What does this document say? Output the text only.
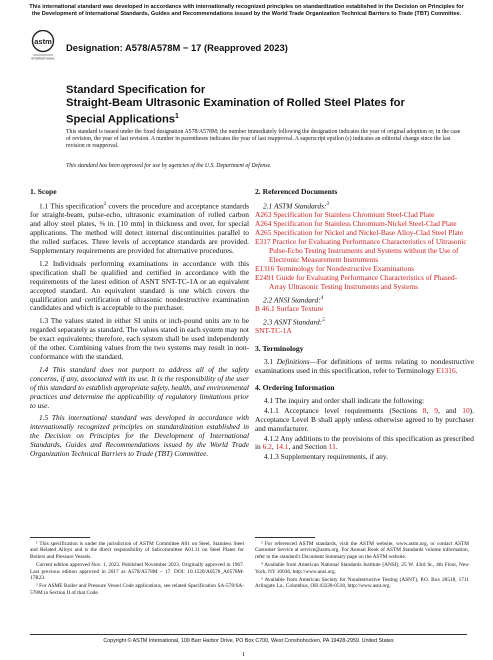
This international standard was developed in accordance with internationally recognized principles on standardization established in the Decision on Principles for the Development of International Standards, Guides and Recommendations issued by the World Trade Organization Technical Barriers to Trade (TBT) Committee.
astm
INTERNATIONAL
Designation: A578/A578M − 17 (Reapproved 2023)
Standard Specification for
Straight-Beam Ultrasonic Examination of Rolled Steel Plates for Special Applications$^1$
This standard is issued under the fixed designation A578/A578M; the number immediately following the designation indicates the year of original adoption or, in the case of revision, the year of last revision. A number in parentheses indicates the year of last reapproval. A superscript epsilon (ε) indicates an editorial change since the last revision or reapproval.
This standard has been approved for use by agencies of the U.S. Department of Defense.
1. Scope

1.1 This specification$^2$ covers the procedure and acceptance standards for straight-beam, pulse-echo, ultrasonic examination of rolled carbon and alloy steel plates, ⅜ in. [10 mm] in thickness and over, for special applications. The method will detect internal discontinuities parallel to the rolled surfaces. Three levels of acceptance standards are provided. Supplementary requirements are provided for alternative procedures.

1.2 Individuals performing examinations in accordance with this specification shall be qualified and certified in accordance with the requirements of the latest edition of ASNT SNT-TC-1A or an equivalent accepted standard. An equivalent standard is one which covers the qualification and certification of ultrasonic nondestructive examination candidates and which is acceptable to the purchaser.

1.3 The values stated in either SI units or inch-pound units are to be regarded separately as standard. The values stated in each system may not be exact equivalents; therefore, each system shall be used independently of the other. Combining values from the two systems may result in non-conformance with the standard.

1.4 This standard does not purport to address all of the safety concerns, if any, associated with its use. It is the responsibility of the user of this standard to establish appropriate safety, health, and environmental practices and determine the applicability of regulatory limitations prior to use.

1.5 This international standard was developed in accordance with internationally recognized principles on standardization established in the Decision on Principles for the Development of International Standards, Guides and Recommendations issued by the World Trade Organization Technical Barriers to Trade (TBT) Committee.

2. Referenced Documents
2.1 ASTM Standards:$^3$
A263 Specification for Stainless Chromium Steel-Clad Plate
A264 Specification for Stainless Chromium-Nickel Steel-Clad Plate
A265 Specification for Nickel and Nickel-Base Alloy-Clad Steel Plate
E317 Practice for Evaluating Performance Characteristics of Ultrasonic Pulse-Echo Testing Instruments and Systems without the Use of Electronic Measurement Instruments
E1316 Terminology for Nondestructive Examinations
E2491 Guide for Evaluating Performance Characteristics of Phased-Array Ultrasonic Testing Instruments and Systems
2.2 ANSI Standard:$^4$
B 46.1 Surface Texture
2.3 ASNT Standard:$^5$
SNT-TC-1A
3. Terminology

3.1 Definitions—For definitions of terms relating to nondestructive examinations used in this specification, refer to Terminology E1316.

4. Ordering Information

4.1 The inquiry and order shall indicate the following:

4.1.1 Acceptance level requirements (Sections 8, 9, and 10). Acceptance Level B shall apply unless otherwise agreed to by purchaser and manufacturer.

4.1.2 Any additions to the provisions of this specification as prescribed in 6.2, 14.1, and Section 11.

4.1.3 Supplementary requirements, if any.

¹ This specification is under the jurisdiction of ASTM Committee A01 on Steel, Stainless Steel and Related Alloys and is the direct responsibility of Subcommittee A01.11 on Steel Plates for Boilers and Pressure Vessels.
Current edition approved Nov. 1, 2023. Published November 2023. Originally approved in 1967. Last previous edition approved in 2017 as A578/A578M – 17. DOI: 10.1520/A0578_A0578M-17R23.
² For ASME Boiler and Pressure Vessel Code applications, see related Specification SA-578/SA-578M in Section II of that Code.
³ For referenced ASTM standards, visit the ASTM website, www.astm.org, or contact ASTM Customer Service at service@astm.org. For Annual Book of ASTM Standards volume information, refer to the standard's Document Summary page on the ASTM website.
⁴ Available from American National Standards Institute (ANSI), 25 W. 43rd St., 4th Floor, New York, NY 10036, http://www.ansi.org.
⁵ Available from American Society for Nondestructive Testing (ASNT), P.O. Box 28518, 1711 Arlingate La., Columbus, OH 43228-0518, http://www.asnt.org.
Copyright © ASTM International, 100 Barr Harbor Drive, PO Box C700, West Conshohocken, PA 19428-2959. United States
1
